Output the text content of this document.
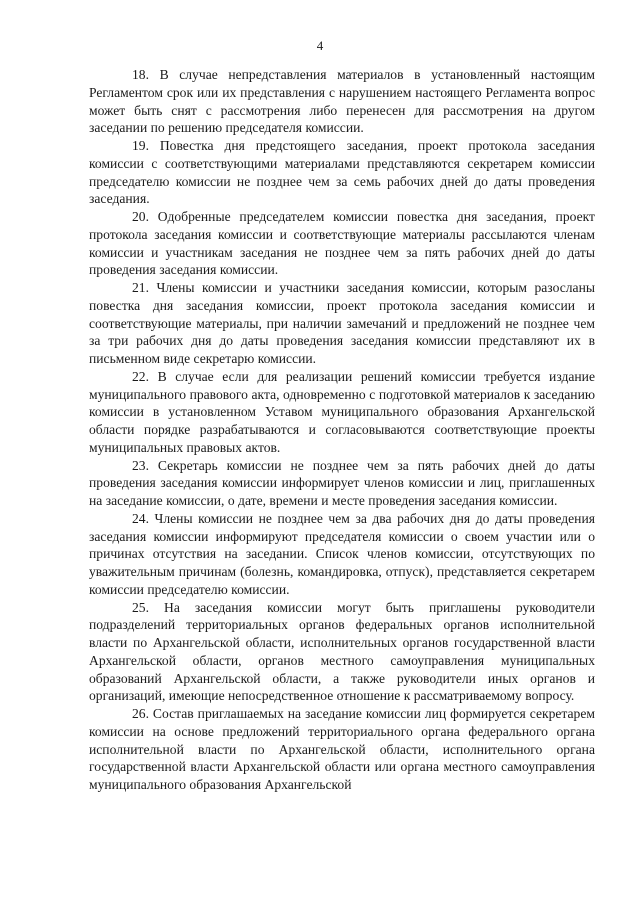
4

18. В случае непредставления материалов в установленный настоящим Регламентом срок или их представления с нарушением настоящего Регламента вопрос может быть снят с рассмотрения либо перенесен для рассмотрения на другом заседании по решению председателя комиссии.

19. Повестка дня предстоящего заседания, проект протокола заседания комиссии с соответствующими материалами представляются секретарем комиссии председателю комиссии не позднее чем за семь рабочих дней до даты проведения заседания.

20. Одобренные председателем комиссии повестка дня заседания, проект протокола заседания комиссии и соответствующие материалы рассылаются членам комиссии и участникам заседания не позднее чем за пять рабочих дней до даты проведения заседания комиссии.

21. Члены комиссии и участники заседания комиссии, которым разосланы повестка дня заседания комиссии, проект протокола заседания комиссии и соответствующие материалы, при наличии замечаний и предложений не позднее чем за три рабочих дня до даты проведения заседания комиссии представляют их в письменном виде секретарю комиссии.

22. В случае если для реализации решений комиссии требуется издание муниципального правового акта, одновременно с подготовкой материалов к заседанию комиссии в установленном Уставом муниципального образования Архангельской области порядке разрабатываются и согласовываются соответствующие проекты муниципальных правовых актов.

23. Секретарь комиссии не позднее чем за пять рабочих дней до даты проведения заседания комиссии информирует членов комиссии и лиц, приглашенных на заседание комиссии, о дате, времени и месте проведения заседания комиссии.

24. Члены комиссии не позднее чем за два рабочих дня до даты проведения заседания комиссии информируют председателя комиссии о своем участии или о причинах отсутствия на заседании. Список членов комиссии, отсутствующих по уважительным причинам (болезнь, командировка, отпуск), представляется секретарем комиссии председателю комиссии.

25. На заседания комиссии могут быть приглашены руководители подразделений территориальных органов федеральных органов исполнительной власти по Архангельской области, исполнительных органов государственной власти Архангельской области, органов местного самоуправления муниципальных образований Архангельской области, а также руководители иных органов и организаций, имеющие непосредственное отношение к рассматриваемому вопросу.

26. Состав приглашаемых на заседание комиссии лиц формируется секретарем комиссии на основе предложений территориального органа федерального органа исполнительной власти по Архангельской области, исполнительного органа государственной власти Архангельской области или органа местного самоуправления муниципального образования Архангельской
